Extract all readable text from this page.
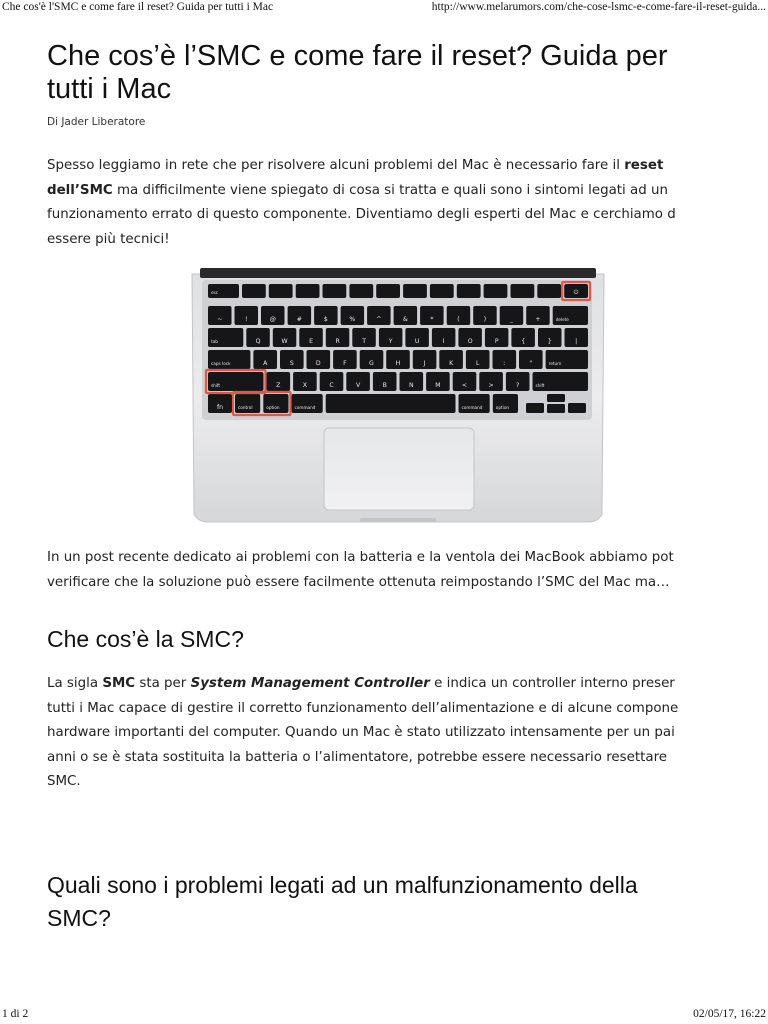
Che cos'è l'SMC e come fare il reset? Guida per tutti i Mac	http://www.melarumors.com/che-cose-lsmc-e-come-fare-il-reset-guida...
Che cos’è l’SMC e come fare il reset? Guida per
tutti i Mac

Di Jader Liberatore

Spesso leggiamo in rete che per risolvere alcuni problemi del Mac è necessario fare il reset

dell’SMC ma difficilmente viene spiegato di cosa si tratta e quali sono i sintomi legati ad un

funzionamento errato di questo componente. Diventiamo degli esperti del Mac e cerchiamo d

essere più tecnici!

In un post recente dedicato ai problemi con la batteria e la ventola dei MacBook abbiamo pot

verificare che la soluzione può essere facilmente ottenuta reimpostando l’SMC del Mac ma…

Che cos’è la SMC?

La sigla SMC sta per System Management Controller e indica un controller interno preser

tutti i Mac capace di gestire il corretto funzionamento dell’alimentazione e di alcune compone

hardware importanti del computer. Quando un Mac è stato utilizzato intensamente per un pai

anni o se è stata sostituita la batteria o l’alimentatore, potrebbe essere necessario resettare

SMC.

Quali sono i problemi legati ad un malfunzionamento della
SMC?
esc	⏻
~	!	@	#	$	%	^	&	*	(	)	_	+	delete
tab	Q	W	E	R	T	Y	U	I	O	P	{	}	|
caps lock	A	S	D	F	G	H	J	K	L	:	"	return
shift	Z	X	C	V	B	N	M	<	>	?	shift
fn	control	option	command	command	option
1 di 2	02/05/17, 16:22
